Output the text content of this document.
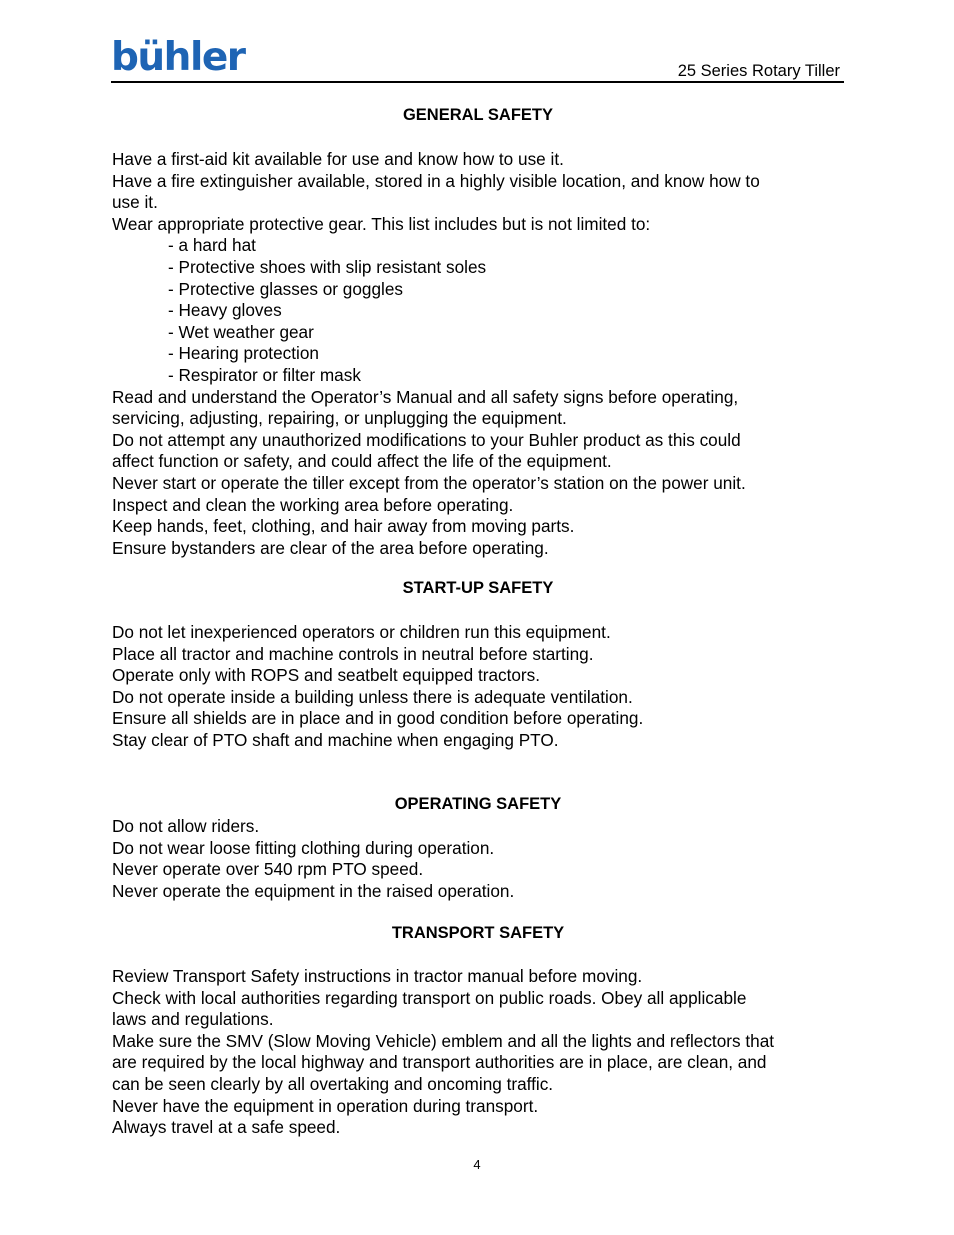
bühler	25 Series Rotary Tiller
GENERAL SAFETY
Have a first-aid kit available for use and know how to use it.
Have a fire extinguisher available, stored in a highly visible location, and know how to
use it.
Wear appropriate protective gear. This list includes but is not limited to:
- a hard hat
- Protective shoes with slip resistant soles
- Protective glasses or goggles
- Heavy gloves
- Wet weather gear
- Hearing protection
- Respirator or filter mask
Read and understand the Operator’s Manual and all safety signs before operating,
servicing, adjusting, repairing, or unplugging the equipment.
Do not attempt any unauthorized modifications to your Buhler product as this could
affect function or safety, and could affect the life of the equipment.
Never start or operate the tiller except from the operator’s station on the power unit.
Inspect and clean the working area before operating.
Keep hands, feet, clothing, and hair away from moving parts.
Ensure bystanders are clear of the area before operating.
START-UP SAFETY
Do not let inexperienced operators or children run this equipment.
Place all tractor and machine controls in neutral before starting.
Operate only with ROPS and seatbelt equipped tractors.
Do not operate inside a building unless there is adequate ventilation.
Ensure all shields are in place and in good condition before operating.
Stay clear of PTO shaft and machine when engaging PTO.
OPERATING SAFETY
Do not allow riders.
Do not wear loose fitting clothing during operation.
Never operate over 540 rpm PTO speed.
Never operate the equipment in the raised operation.
TRANSPORT SAFETY
Review Transport Safety instructions in tractor manual before moving.
Check with local authorities regarding transport on public roads. Obey all applicable
laws and regulations.
Make sure the SMV (Slow Moving Vehicle) emblem and all the lights and reflectors that
are required by the local highway and transport authorities are in place, are clean, and
can be seen clearly by all overtaking and oncoming traffic.
Never have the equipment in operation during transport.
Always travel at a safe speed.
4
